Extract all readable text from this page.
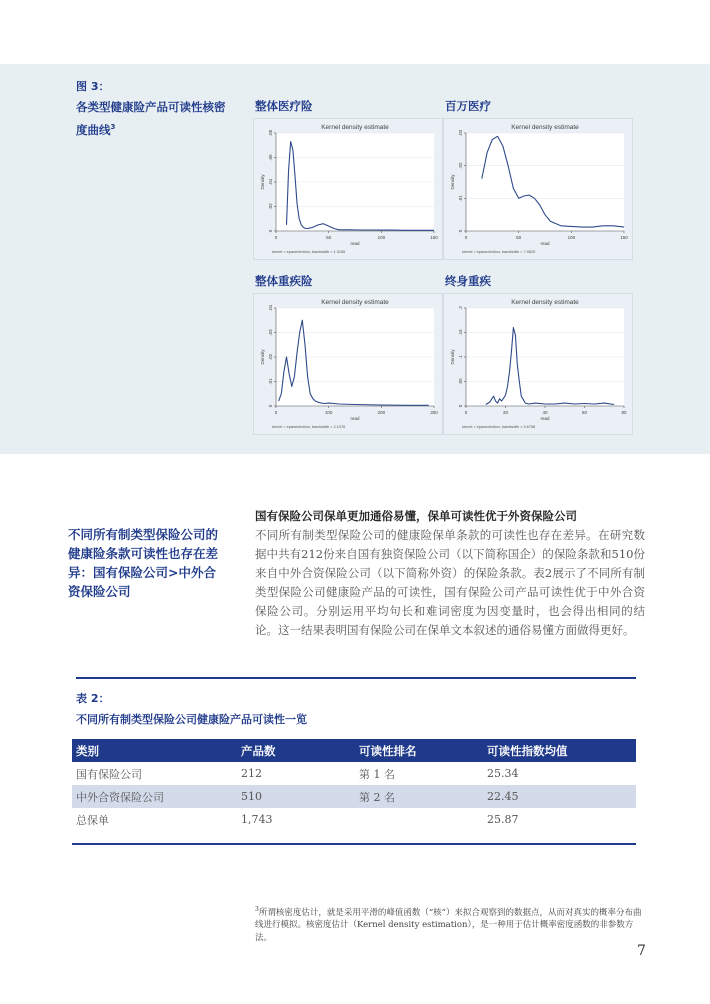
图 3：
各类型健康险产品可读性核密度曲线$^3$
整体医疗险
Kernel density estimate
0
.02
.04
.06
.08
0	50	100	150
Density
read
kernel = epanechnikov, bandwidth = 1.3156
百万医疗
Kernel density estimate
0
.01
.02
.03
0	50	100	150
Density
read
kernel = epanechnikov, bandwidth = 7.9825
整体重疾险
Kernel density estimate
0
.01
.02
.03
.04
0	100	200	300
Density
read
kernel = epanechnikov, bandwidth = 2.1076
终身重疾
Kernel density estimate
0
.05
.1
.15
.2
0	20	40	60	80
Density
read
kernel = epanechnikov, bandwidth = 0.6758
不同所有制类型保险公司的健康险条款可读性也存在差异：国有保险公司>中外合资保险公司
国有保险公司保单更加通俗易懂，保单可读性优于外资保险公司
不同所有制类型保险公司的健康险保单条款的可读性也存在差异。在研究数据中共有212份来自国有独资保险公司（以下简称国企）的保险条款和510份来自中外合资保险公司（以下简称外资）的保险条款。表2展示了不同所有制类型保险公司健康险产品的可读性，国有保险公司产品可读性优于中外合资保险公司。分别运用平均句长和难词密度为因变量时，也会得出相同的结论。这一结果表明国有保险公司在保单文本叙述的通俗易懂方面做得更好。
表 2：
不同所有制类型保险公司健康险产品可读性一览
类别	产品数	可读性排名	可读性指数均值
国有保险公司	212	第 1 名	25.34
中外合资保险公司	510	第 2 名	22.45
总保单	1,743		25.87
$^3$所谓核密度估计，就是采用平滑的峰值函数（“核”）来拟合观察到的数据点，从而对真实的概率分布曲线进行模拟。核密度估计（Kernel density estimation），是一种用于估计概率密度函数的非参数方法。
7
